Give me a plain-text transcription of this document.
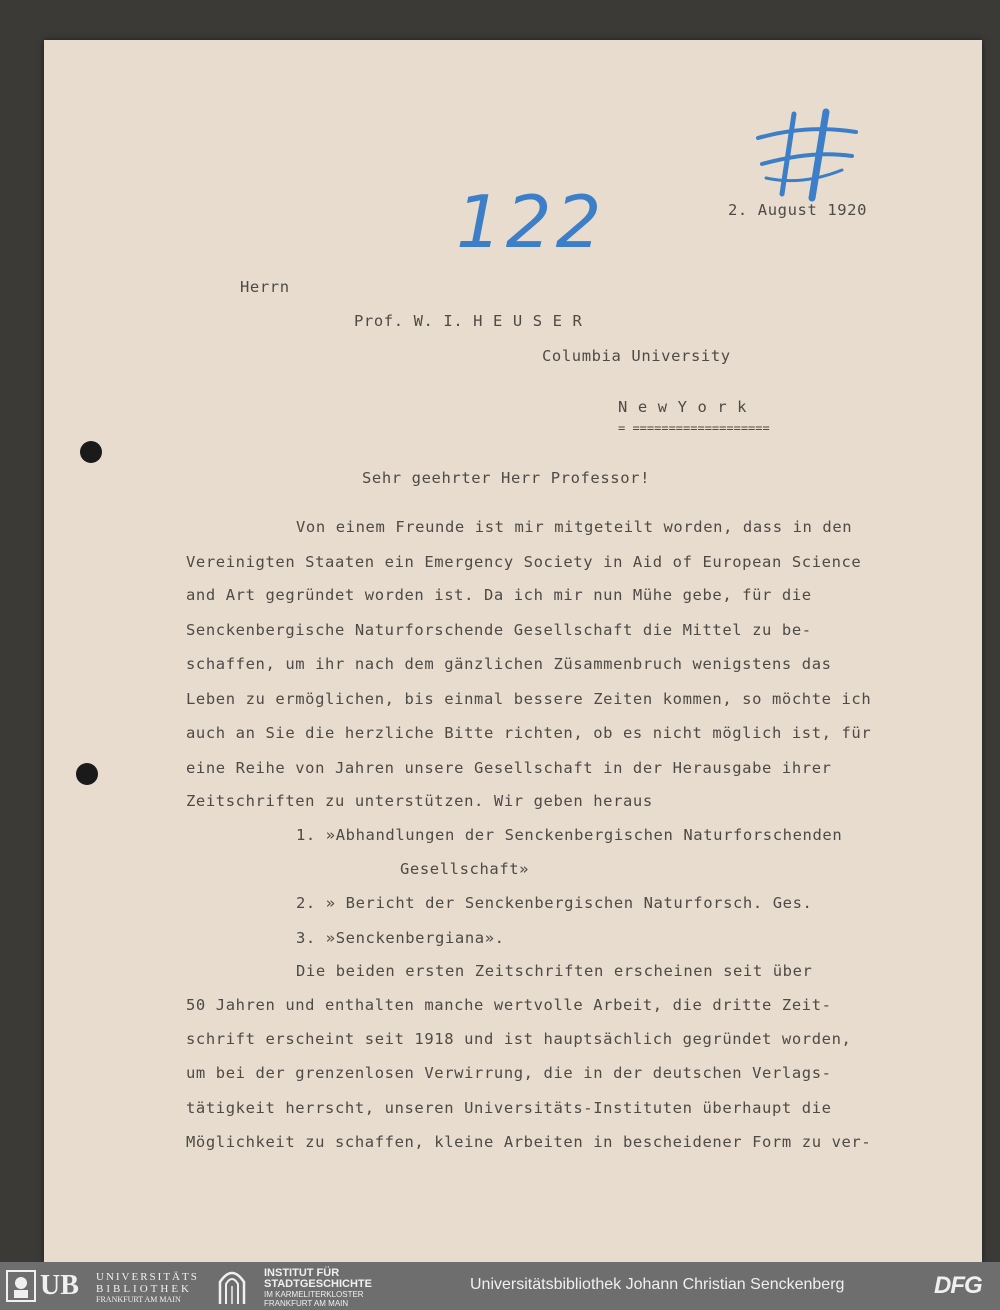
122	2. August 1920
Herrn
Prof. W. I. H E U S E R
Columbia University
N e w Y o r k
= ===================
Sehr geehrter Herr Professor!
Von einem Freunde ist mir mitgeteilt worden, dass in den
Vereinigten Staaten ein Emergency Society in Aid of European Science
and Art gegründet worden ist. Da ich mir nun Mühe gebe, für die
Senckenbergische Naturforschende Gesellschaft die Mittel zu be-
schaffen, um ihr nach dem gänzlichen Züsammenbruch wenigstens das
Leben zu ermöglichen, bis einmal bessere Zeiten kommen, so möchte ich
auch an Sie die herzliche Bitte richten, ob es nicht möglich ist, für
eine Reihe von Jahren unsere Gesellschaft in der Herausgabe ihrer
Zeitschriften zu unterstützen. Wir geben heraus
1. »Abhandlungen der Senckenbergischen Naturforschenden
Gesellschaft»
2. » Bericht der Senckenbergischen Naturforsch. Ges.
3. »Senckenbergiana».
Die beiden ersten Zeitschriften erscheinen seit über
50 Jahren und enthalten manche wertvolle Arbeit, die dritte Zeit-
schrift erscheint seit 1918 und ist hauptsächlich gegründet worden,
um bei der grenzenlosen Verwirrung, die in der deutschen Verlags-
tätigkeit herrscht, unseren Universitäts-Instituten überhaupt die
Möglichkeit zu schaffen, kleine Arbeiten in bescheidener Form zu ver-
UB UNIVERSITÄTS
BIBLIOTHEK
FRANKFURT AM MAIN
INSTITUT FÜR
STADTGESCHICHTE
IM KARMELITERKLOSTER
FRANKFURT AM MAIN
Universitätsbibliothek Johann Christian Senckenberg	DFG
